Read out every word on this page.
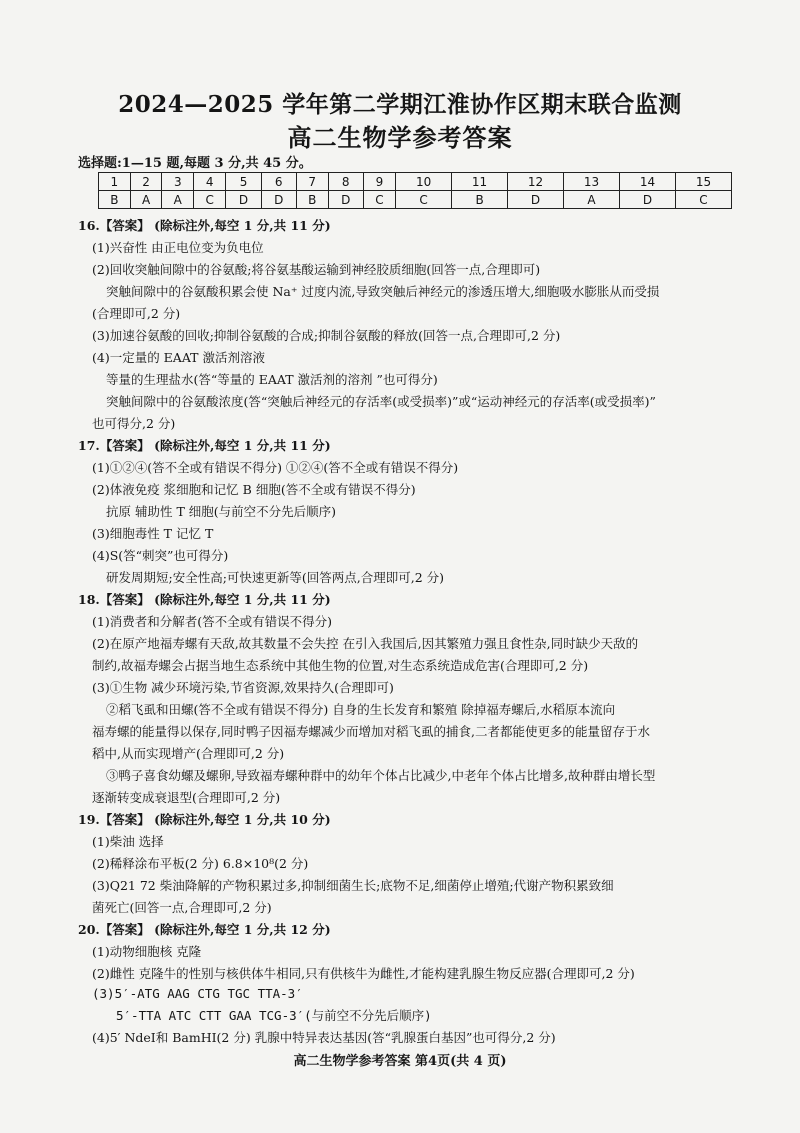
2024—2025 学年第二学期江淮协作区期末联合监测
高二生物学参考答案
选择题:1—15 题,每题 3 分,共 45 分。
1	2	3	4	5	6	7	8	9	10	11	12	13	14	15
B	A	A	C	D	D	B	D	C	C	B	D	A	D	C
16.【答案】 (除标注外,每空 1 分,共 11 分)
(1)兴奋性 由正电位变为负电位
(2)回收突触间隙中的谷氨酸;将谷氨基酸运输到神经胶质细胞(回答一点,合理即可)
突触间隙中的谷氨酸积累会使 Na⁺ 过度内流,导致突触后神经元的渗透压增大,细胞吸水膨胀从而受损
(合理即可,2 分)
(3)加速谷氨酸的回收;抑制谷氨酸的合成;抑制谷氨酸的释放(回答一点,合理即可,2 分)
(4)一定量的 EAAT 激活剂溶液
等量的生理盐水(答“等量的 EAAT 激活剂的溶剂 ”也可得分)
突触间隙中的谷氨酸浓度(答“突触后神经元的存活率(或受损率)”或“运动神经元的存活率(或受损率)”
也可得分,2 分)
17.【答案】 (除标注外,每空 1 分,共 11 分)
(1)①②④(答不全或有错误不得分) ①②④(答不全或有错误不得分)
(2)体液免疫 浆细胞和记忆 B 细胞(答不全或有错误不得分)
抗原 辅助性 T 细胞(与前空不分先后顺序)
(3)细胞毒性 T 记忆 T
(4)S(答“刺突”也可得分)
研发周期短;安全性高;可快速更新等(回答两点,合理即可,2 分)
18.【答案】 (除标注外,每空 1 分,共 11 分)
(1)消费者和分解者(答不全或有错误不得分)
(2)在原产地福寿螺有天敌,故其数量不会失控 在引入我国后,因其繁殖力强且食性杂,同时缺少天敌的
制约,故福寿螺会占据当地生态系统中其他生物的位置,对生态系统造成危害(合理即可,2 分)
(3)①生物 减少环境污染,节省资源,效果持久(合理即可)
②稻飞虱和田螺(答不全或有错误不得分) 自身的生长发育和繁殖 除掉福寿螺后,水稻原本流向
福寿螺的能量得以保存,同时鸭子因福寿螺减少而增加对稻飞虱的捕食,二者都能使更多的能量留存于水
稻中,从而实现增产(合理即可,2 分)
③鸭子喜食幼螺及螺卵,导致福寿螺种群中的幼年个体占比减少,中老年个体占比增多,故种群由增长型
逐渐转变成衰退型(合理即可,2 分)
19.【答案】 (除标注外,每空 1 分,共 10 分)
(1)柴油 选择
(2)稀释涂布平板(2 分) 6.8×10⁸(2 分)
(3)Q21 72 柴油降解的产物积累过多,抑制细菌生长;底物不足,细菌停止增殖;代谢产物积累致细
菌死亡(回答一点,合理即可,2 分)
20.【答案】 (除标注外,每空 1 分,共 12 分)
(1)动物细胞核 克隆
(2)雌性 克隆牛的性别与核供体牛相同,只有供核牛为雌性,才能构建乳腺生物反应器(合理即可,2 分)
(3)5′-ATG AAG CTG TGC TTA-3′
5′-TTA ATC CTT GAA TCG-3′(与前空不分先后顺序)
高二生物学参考答案 第4页(共 4 页)
(4)5′ NdeⅠ和 BamHⅠ(2 分) 乳腺中特异表达基因(答“乳腺蛋白基因”也可得分,2 分)
